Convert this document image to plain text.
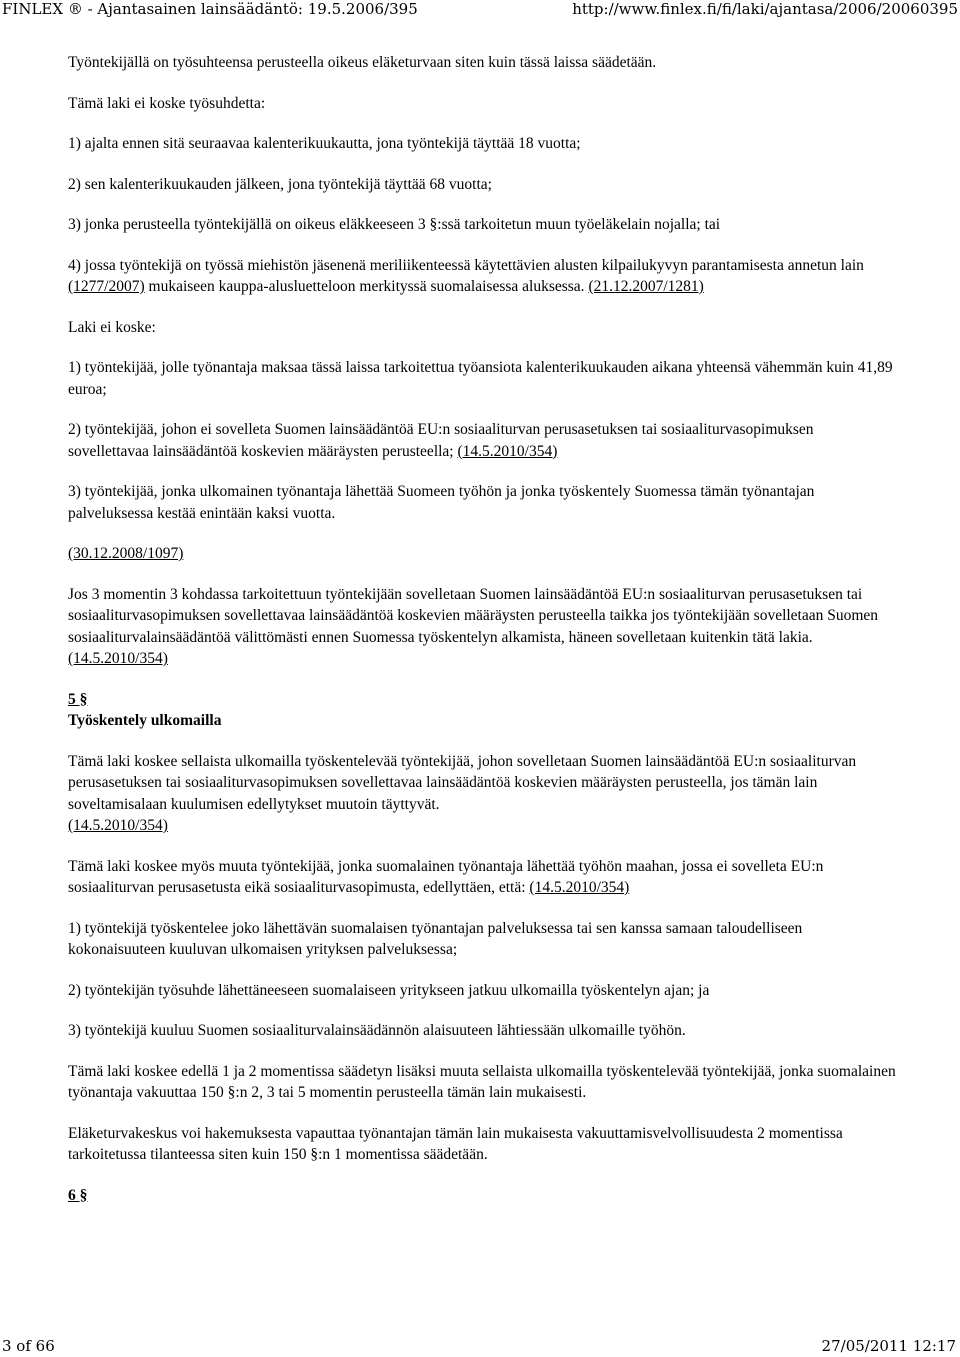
FINLEX ® - Ajantasainen lainsäädäntö: 19.5.2006/395	http://www.finlex.fi/fi/laki/ajantasa/2006/20060395

Työntekijällä on työsuhteensa perusteella oikeus eläketurvaan siten kuin tässä laissa säädetään.

Tämä laki ei koske työsuhdetta:

1) ajalta ennen sitä seuraavaa kalenterikuukautta, jona työntekijä täyttää 18 vuotta;

2) sen kalenterikuukauden jälkeen, jona työntekijä täyttää 68 vuotta;

3) jonka perusteella työntekijällä on oikeus eläkkeeseen 3 §:ssä tarkoitetun muun työeläkelain nojalla; tai

4) jossa työntekijä on työssä miehistön jäsenenä meriliikenteessä käytettävien alusten kilpailukyvyn parantamisesta annetun lain (1277/2007) mukaiseen kauppa-alusluetteloon merkityssä suomalaisessa aluksessa. (21.12.2007/1281)

Laki ei koske:

1) työntekijää, jolle työnantaja maksaa tässä laissa tarkoitettua työansiota kalenterikuukauden aikana yhteensä vähemmän kuin 41,89 euroa;

2) työntekijää, johon ei sovelleta Suomen lainsäädäntöä EU:n sosiaaliturvan perusasetuksen tai sosiaaliturvasopimuksen sovellettavaa lainsäädäntöä koskevien määräysten perusteella; (14.5.2010/354)

3) työntekijää, jonka ulkomainen työnantaja lähettää Suomeen työhön ja jonka työskentely Suomessa tämän työnantajan palveluksessa kestää enintään kaksi vuotta.

(30.12.2008/1097)

Jos 3 momentin 3 kohdassa tarkoitettuun työntekijään sovelletaan Suomen lainsäädäntöä EU:n sosiaaliturvan perusasetuksen tai sosiaaliturvasopimuksen sovellettavaa lainsäädäntöä koskevien määräysten perusteella taikka jos työntekijään sovelletaan Suomen sosiaaliturvalainsäädäntöä välittömästi ennen Suomessa työskentelyn alkamista, häneen sovelletaan kuitenkin tätä lakia. (14.5.2010/354)

5 §
Työskentely ulkomailla

Tämä laki koskee sellaista ulkomailla työskentelevää työntekijää, johon sovelletaan Suomen lainsäädäntöä EU:n sosiaaliturvan perusasetuksen tai sosiaaliturvasopimuksen sovellettavaa lainsäädäntöä koskevien määräysten perusteella, jos tämän lain soveltamisalaan kuulumisen edellytykset muutoin täyttyvät.
(14.5.2010/354)

Tämä laki koskee myös muuta työntekijää, jonka suomalainen työnantaja lähettää työhön maahan, jossa ei sovelleta EU:n sosiaaliturvan perusasetusta eikä sosiaaliturvasopimusta, edellyttäen, että: (14.5.2010/354)

1) työntekijä työskentelee joko lähettävän suomalaisen työnantajan palveluksessa tai sen kanssa samaan taloudelliseen kokonaisuuteen kuuluvan ulkomaisen yrityksen palveluksessa;

2) työntekijän työsuhde lähettäneeseen suomalaiseen yritykseen jatkuu ulkomailla työskentelyn ajan; ja

3) työntekijä kuuluu Suomen sosiaaliturvalainsäädännön alaisuuteen lähtiessään ulkomaille työhön.

Tämä laki koskee edellä 1 ja 2 momentissa säädetyn lisäksi muuta sellaista ulkomailla työskentelevää työntekijää, jonka suomalainen työnantaja vakuuttaa 150 §:n 2, 3 tai 5 momentin perusteella tämän lain mukaisesti.

Eläketurvakeskus voi hakemuksesta vapauttaa työnantajan tämän lain mukaisesta vakuuttamisvelvollisuudesta 2 momentissa tarkoitetussa tilanteessa siten kuin 150 §:n 1 momentissa säädetään.

6 §
3 of 66	27/05/2011 12:17
